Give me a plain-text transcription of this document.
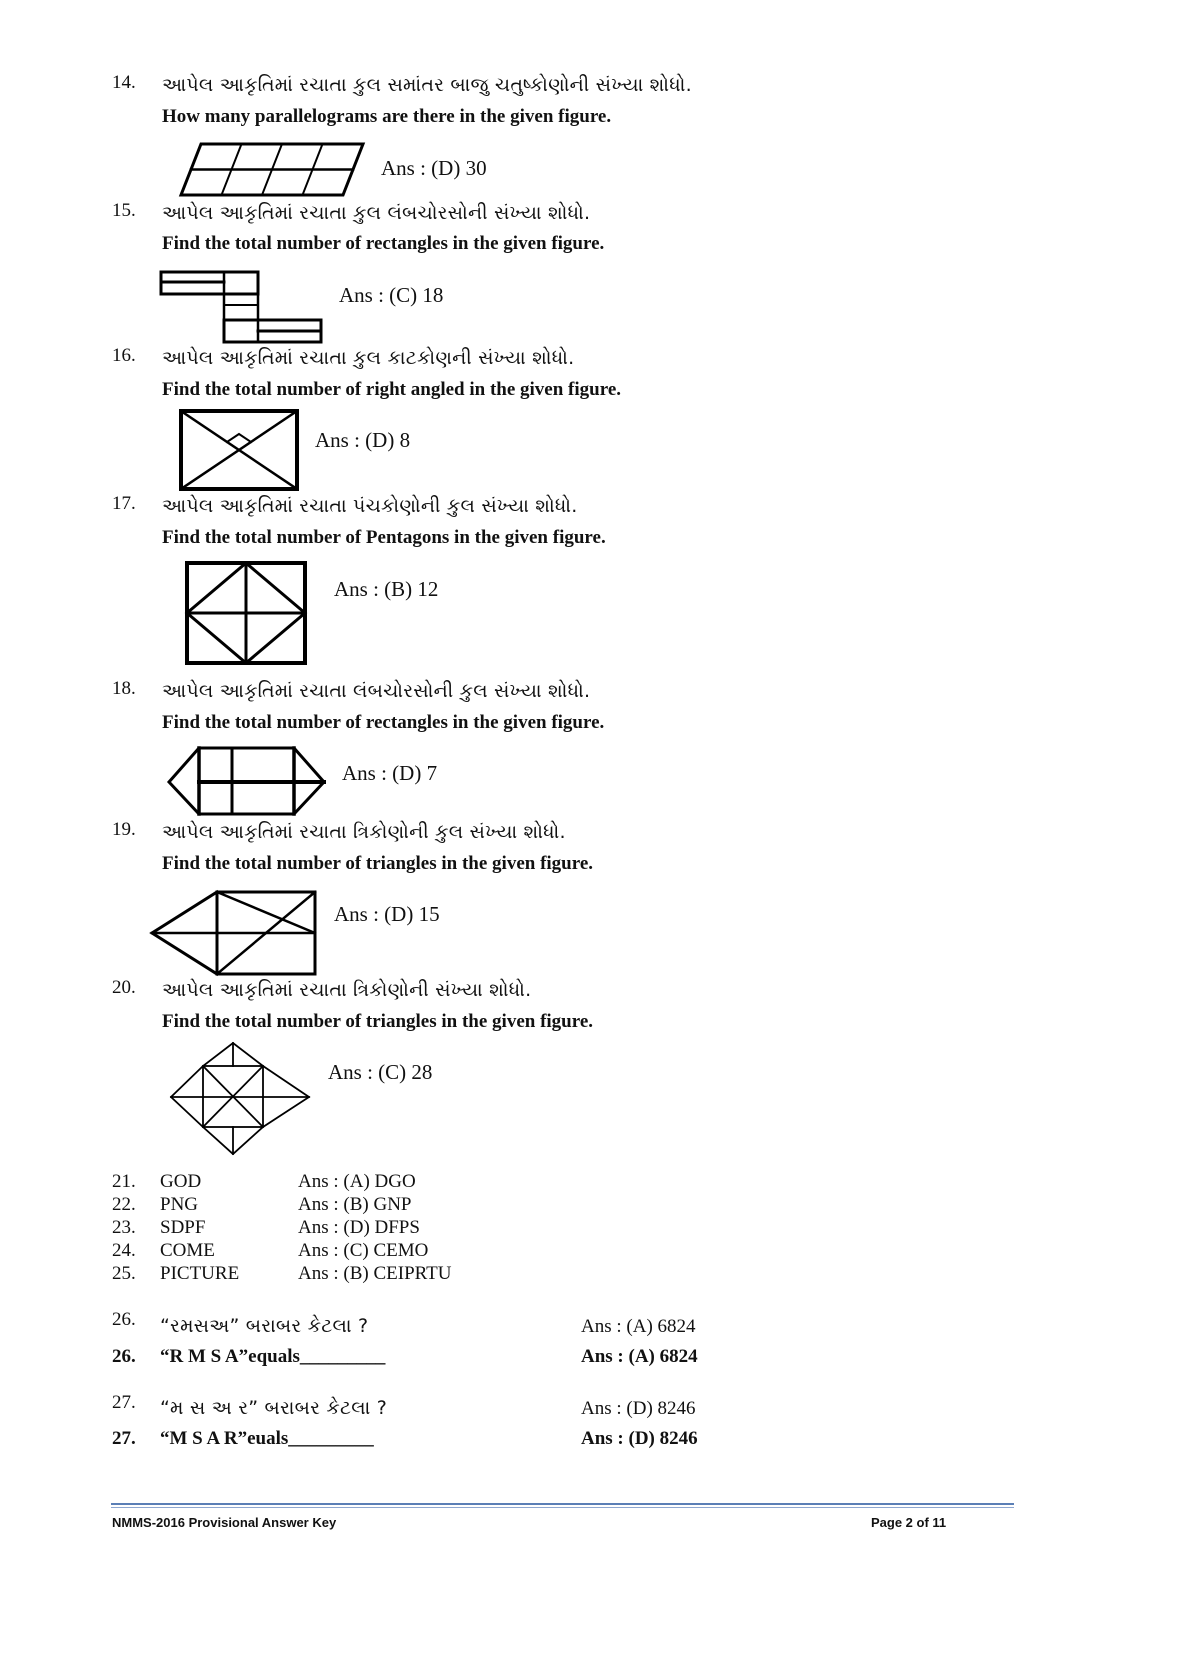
14. આપેલ આકૃતિમાં રચાતા કુલ સમાંતર બાજુ ચતુષ્કોણોની સંખ્યા શોધો.
How many parallelograms are there in the given figure.
Ans : (D) 30
15. આપેલ આકૃતિમાં રચાતા કુલ લંબચોરસોની સંખ્યા શોધો.
Find the total number of rectangles in the given figure.
Ans : (C) 18
16. આપેલ આકૃતિમાં રચાતા કુલ કાટકોણની સંખ્યા શોધો.
Find the total number of right angled in the given figure.
Ans : (D) 8
17. આપેલ આકૃતિમાં રચાતા પંચકોણોની કુલ સંખ્યા શોધો.
Find the total number of Pentagons in the given figure.
Ans : (B) 12
18. આપેલ આકૃતિમાં રચાતા લંબચોરસોની કુલ સંખ્યા શોધો.
Find the total number of rectangles in the given figure.
Ans : (D) 7
19. આપેલ આકૃતિમાં રચાતા ત્રિકોણોની કુલ સંખ્યા શોધો.
Find the total number of triangles in the given figure.
Ans : (D) 15
20. આપેલ આકૃતિમાં રચાતા ત્રિકોણોની સંખ્યા શોધો.
Find the total number of triangles in the given figure.
Ans : (C) 28
21. GOD	Ans : (A) DGO
22. PNG	Ans : (B) GNP
23. SDPF	Ans : (D) DFPS
24. COME	Ans : (C) CEMO
25. PICTURE	Ans : (B) CEIPRTU
26. “રમસઅ” બરાબર કેટલા ?	Ans : (A) 6824
26. “R M S A”equals_________	Ans : (A) 6824
27. “મ સ અ ર” બરાબર કેટલા ?	Ans : (D) 8246
27. “M S A R”euals_________	Ans : (D) 8246
NMMS-2016 Provisional Answer Key	Page 2 of 11
